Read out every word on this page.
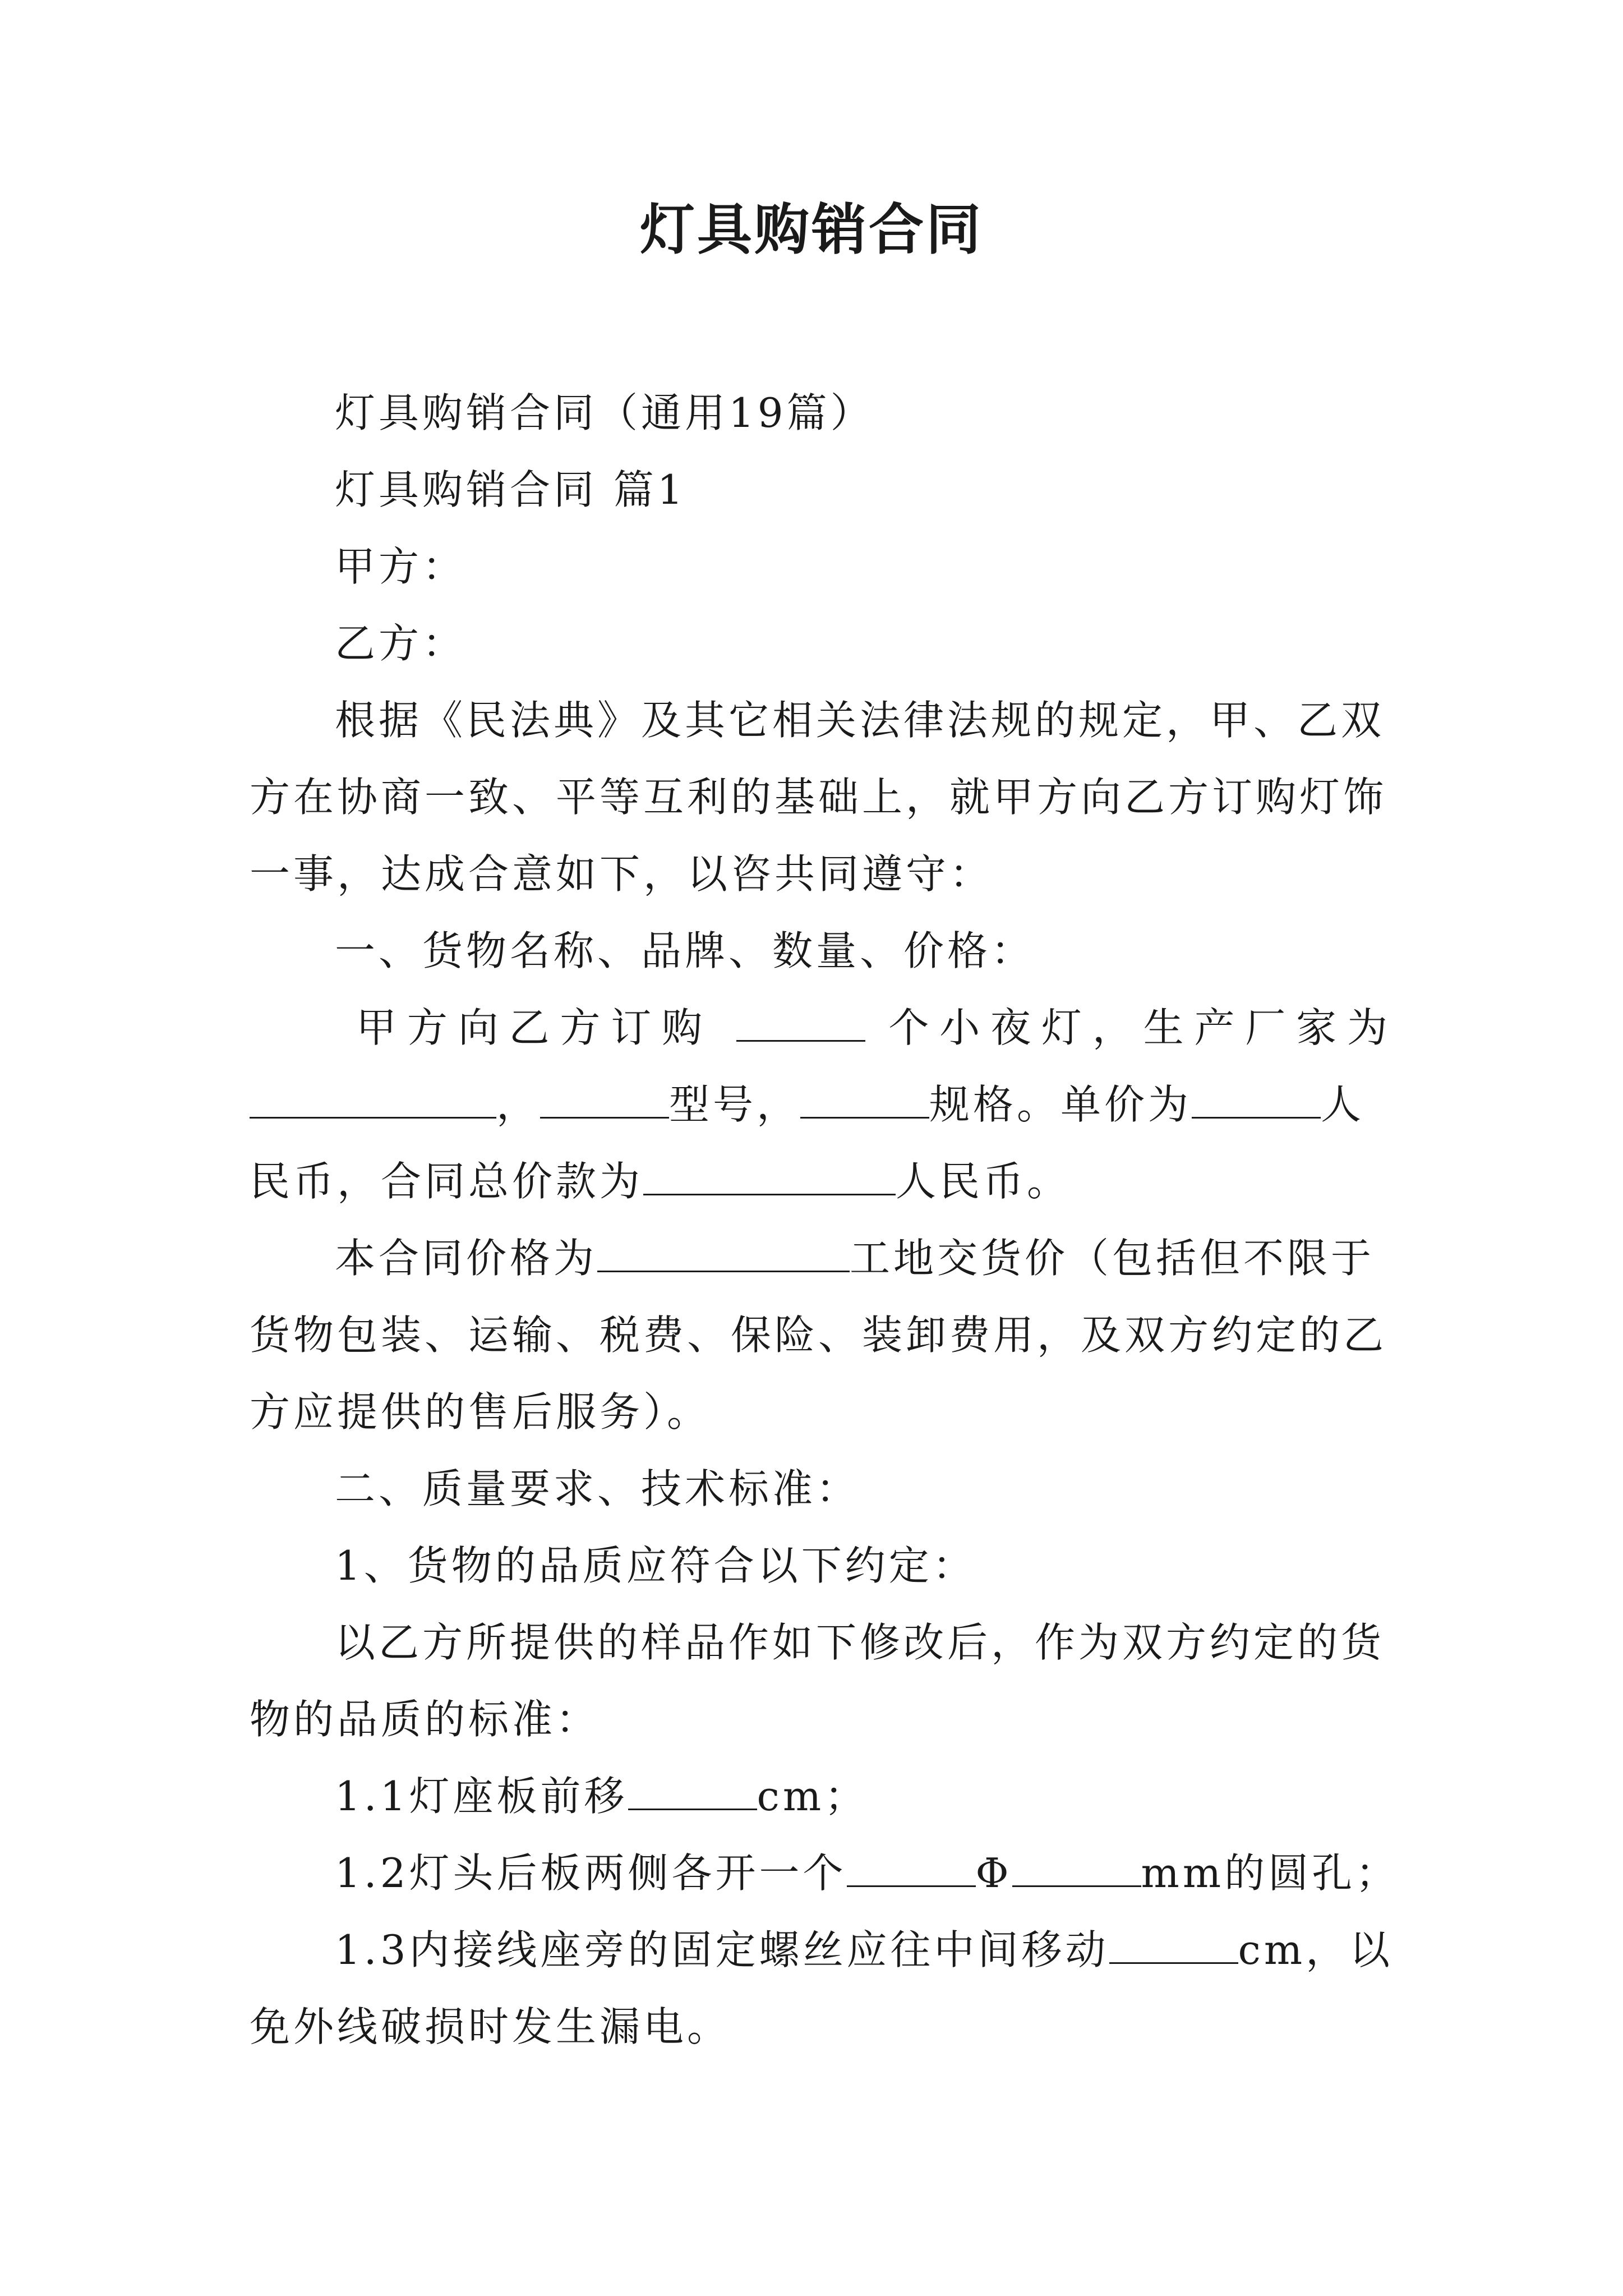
灯具购销合同

灯具购销合同（通用19篇）

灯具购销合同 篇1

甲方：

乙方：

根据《民法典》及其它相关法律法规的规定，甲、乙双

方在协商一致、平等互利的基础上，就甲方向乙方订购灯饰

一事，达成合意如下，以咨共同遵守：

一、货物名称、品牌、数量、价格：

甲方向乙方订购	个小夜灯，生产厂家为

，	型号，	规格。单价为	人

民币，合同总价款为	人民币。

本合同价格为	工地交货价（包括但不限于

货物包装、运输、税费、保险、装卸费用，及双方约定的乙

方应提供的售后服务）。

二、质量要求、技术标准：

1、货物的品质应符合以下约定：

以乙方所提供的样品作如下修改后，作为双方约定的货

物的品质的标准：

1.1灯座板前移	cm；

1.2灯头后板两侧各开一个	Φ	mm的圆孔；

1.3内接线座旁的固定螺丝应往中间移动	cm，以

免外线破损时发生漏电。
